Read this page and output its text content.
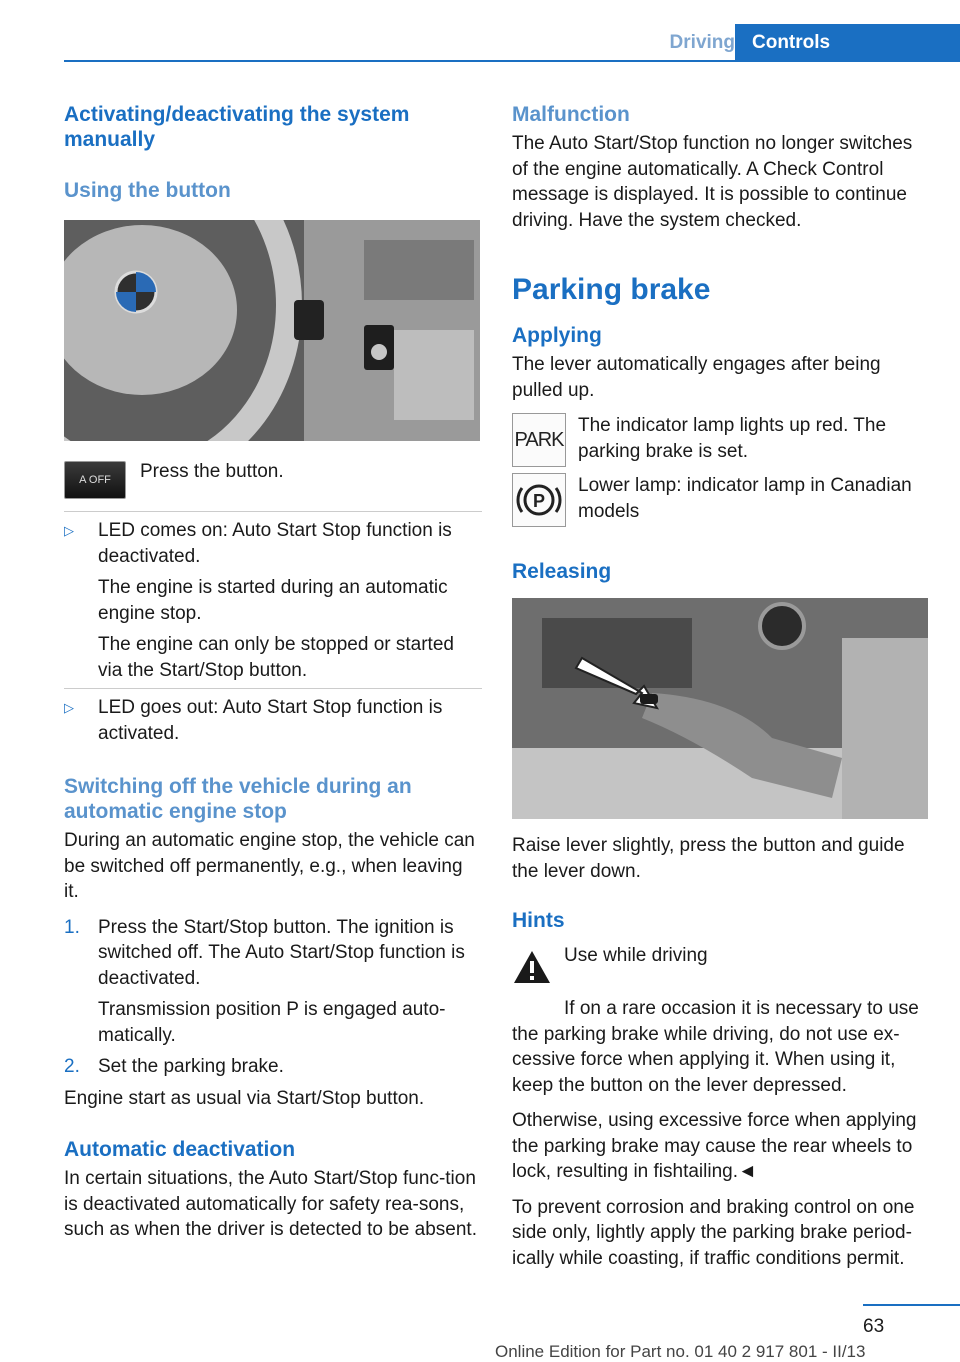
Driving Controls
Activating/deactivating the system
manually
Using the button
A OFF	Press the button.
▷	LED comes on: Auto Start Stop function is deactivated.
The engine is started during an automatic engine stop.
The engine can only be stopped or started via the Start/Stop button.
▷	LED goes out: Auto Start Stop function is activated.
Switching off the vehicle during an automatic engine stop
During an automatic engine stop, the vehicle can be switched off permanently, e.g., when leaving it.
1. Press the Start/Stop button. The ignition is switched off. The Auto Start/Stop function is deactivated.
Transmission position P is engaged auto‐matically.
2. Set the parking brake.
Engine start as usual via Start/Stop button.
Automatic deactivation
In certain situations, the Auto Start/Stop func‐tion is deactivated automatically for safety rea‐sons, such as when the driver is detected to be absent.
Malfunction
The Auto Start/Stop function no longer switches of the engine automatically. A Check Control message is displayed. It is possible to continue driving. Have the system checked.
Parking brake
Applying
The lever automatically engages after being pulled up.
PARK
The indicator lamp lights up red. The parking brake is set.
P
Lower lamp: indicator lamp in Canadian models
Releasing
Raise lever slightly, press the button and guide the lever down.
Hints
Use while driving
If on a rare occasion it is necessary to use the parking brake while driving, do not use ex‐cessive force when applying it. When using it, keep the button on the lever depressed.
Otherwise, using excessive force when applying the parking brake may cause the rear wheels to lock, resulting in fishtailing.◄
To prevent corrosion and braking control on one side only, lightly apply the parking brake period‐ically while coasting, if traffic conditions permit.
63
Online Edition for Part no. 01 40 2 917 801 - II/13
